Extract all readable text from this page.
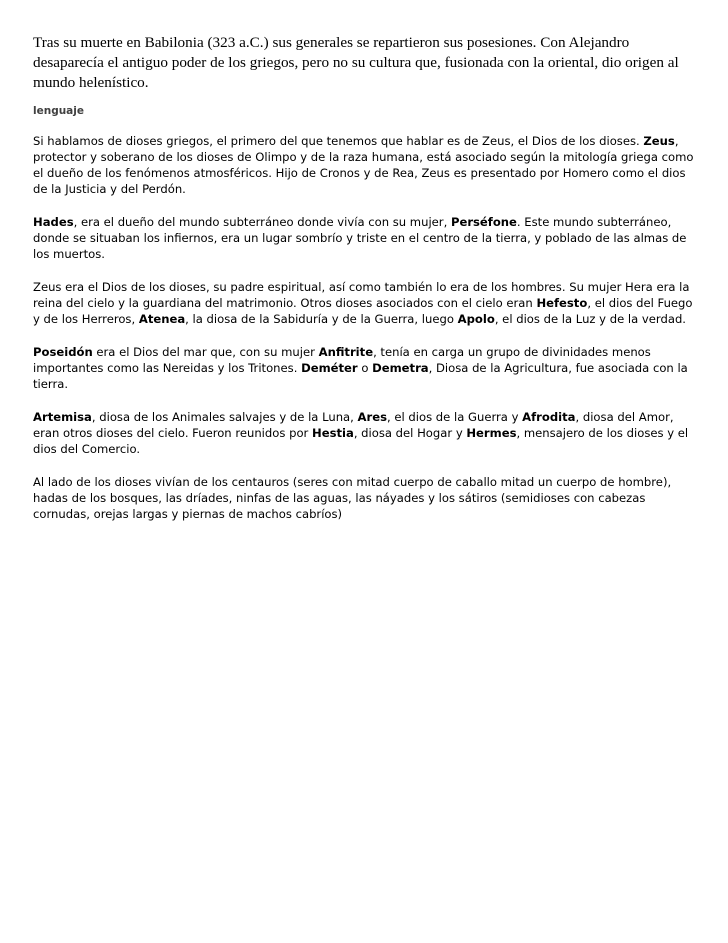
Tras su muerte en Babilonia (323 a.C.) sus generales se repartieron sus posesiones. Con Alejandro desaparecía el antiguo poder de los griegos, pero no su cultura que, fusionada con la oriental, dio origen al mundo helenístico.

lenguaje

Si hablamos de dioses griegos, el primero del que tenemos que hablar es de Zeus, el Dios de los dioses. Zeus, protector y soberano de los dioses de Olimpo y de la raza humana, está asociado según la mitología griega como el dueño de los fenómenos atmosféricos. Hijo de Cronos y de Rea, Zeus es presentado por Homero como el dios de la Justicia y del Perdón.

Hades, era el dueño del mundo subterráneo donde vivía con su mujer, Perséfone. Este mundo subterráneo, donde se situaban los infiernos, era un lugar sombrío y triste en el centro de la tierra, y poblado de las almas de los muertos.

Zeus era el Dios de los dioses, su padre espiritual, así como también lo era de los hombres. Su mujer Hera era la reina del cielo y la guardiana del matrimonio. Otros dioses asociados con el cielo eran Hefesto, el dios del Fuego y de los Herreros, Atenea, la diosa de la Sabiduría y de la Guerra, luego Apolo, el dios de la Luz y de la verdad.

Poseidón era el Dios del mar que, con su mujer Anfitrite, tenía en carga un grupo de divinidades menos importantes como las Nereidas y los Tritones. Deméter o Demetra, Diosa de la Agricultura, fue asociada con la tierra.

Artemisa, diosa de los Animales salvajes y de la Luna, Ares, el dios de la Guerra y Afrodita, diosa del Amor, eran otros dioses del cielo. Fueron reunidos por Hestia, diosa del Hogar y Hermes, mensajero de los dioses y el dios del Comercio.

Al lado de los dioses vivían de los centauros (seres con mitad cuerpo de caballo mitad un cuerpo de hombre), hadas de los bosques, las dríades, ninfas de las aguas, las náyades y los sátiros (semidioses con cabezas cornudas, orejas largas y piernas de machos cabríos)
